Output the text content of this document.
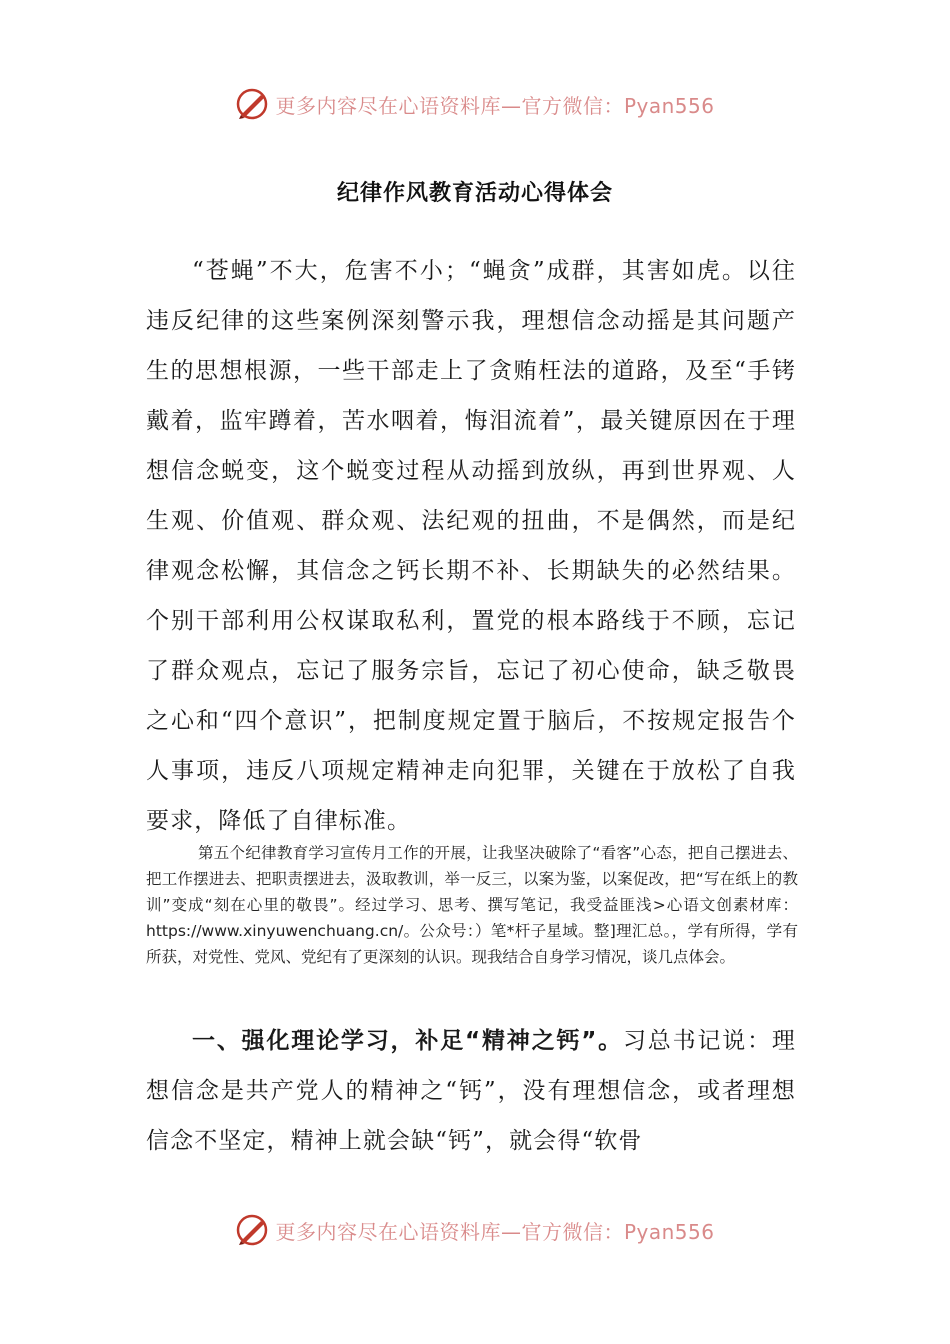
更多内容尽在心语资料库—官方微信：Pyan556
纪律作风教育活动心得体会

“苍蝇”不大，危害不小；“蝇贪”成群，其害如虎。以往违反纪律的这些案例深刻警示我，理想信念动摇是其问题产生的思想根源，一些干部走上了贪贿枉法的道路，及至“手铐戴着，监牢蹲着，苦水咽着，悔泪流着”，最关键原因在于理想信念蜕变，这个蜕变过程从动摇到放纵，再到世界观、人生观、价值观、群众观、法纪观的扭曲，不是偶然，而是纪律观念松懈，其信念之钙长期不补、长期缺失的必然结果。个别干部利用公权谋取私利，置党的根本路线于不顾，忘记了群众观点，忘记了服务宗旨，忘记了初心使命，缺乏敬畏之心和“四个意识”，把制度规定置于脑后，不按规定报告个人事项，违反八项规定精神走向犯罪，关键在于放松了自我要求，降低了自律标准。

第五个纪律教育学习宣传月工作的开展，让我坚决破除了“看客”心态，把自己摆进去、把工作摆进去、把职责摆进去，汲取教训，举一反三，以案为鉴，以案促改，把“写在纸上的教训”变成“刻在心里的敬畏”。经过学习、思考、撰写笔记，我受益匪浅>心语文创素材库：https://www.xinyuwenchuang.cn/。公众号：）笔*杆子星域。整]理汇总。，学有所得，学有所获，对党性、党风、党纪有了更深刻的认识。现我结合自身学习情况，谈几点体会。

一、强化理论学习，补足“精神之钙”。习总书记说：理想信念是共产党人的精神之“钙”，没有理想信念，或者理想信念不坚定，精神上就会缺“钙”，就会得“软骨

更多内容尽在心语资料库—官方微信：Pyan556
